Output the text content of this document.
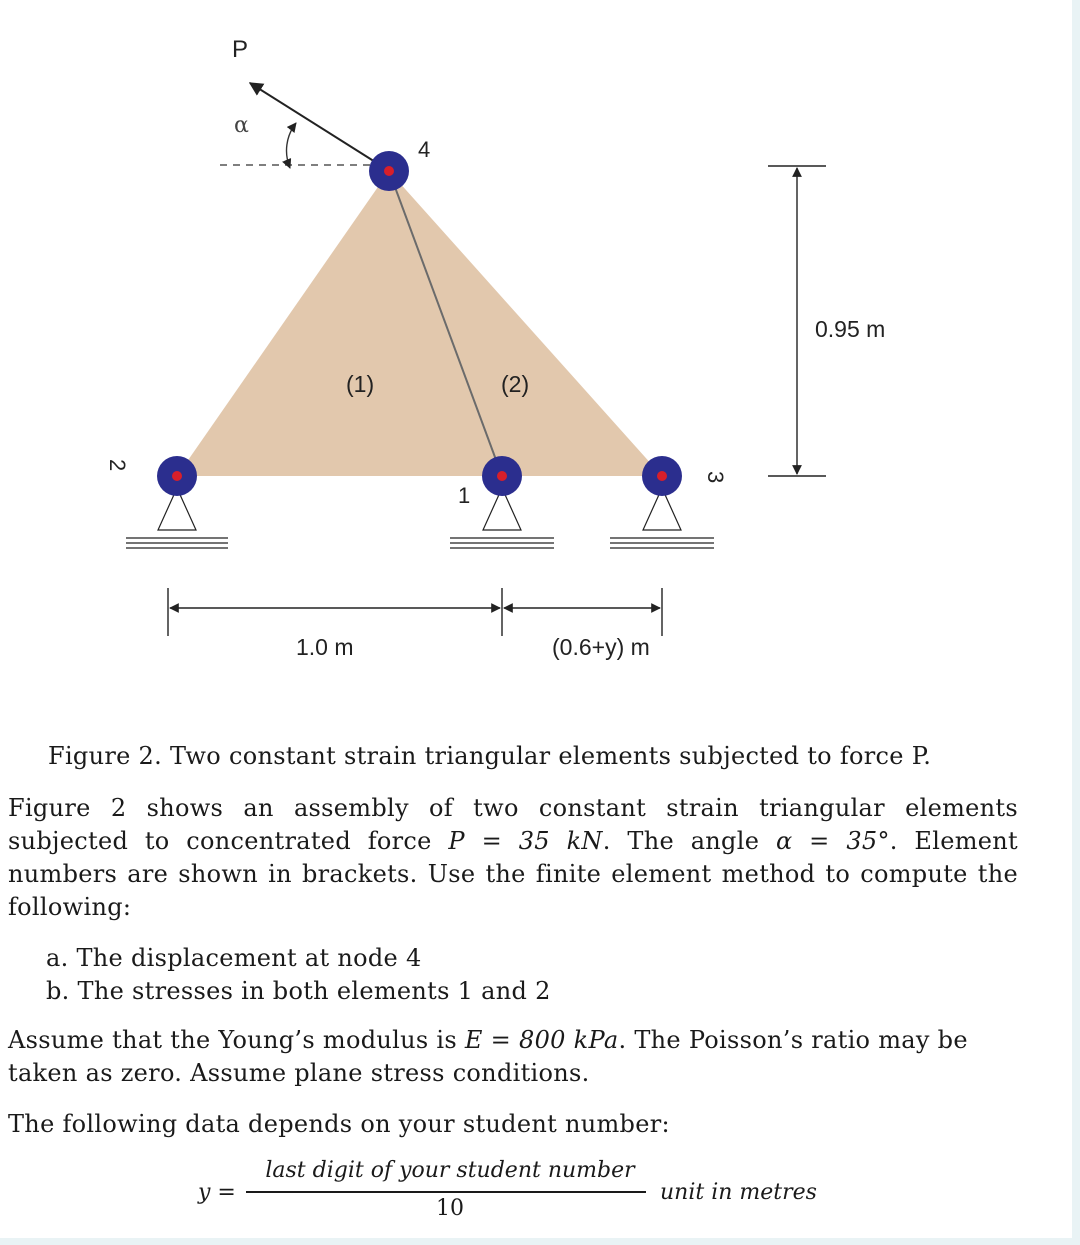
P
α
4
2
1
3
(1)	(2)
0.95 m
1.0 m	(0.6+y) m
Figure 2. Two constant strain triangular elements subjected to force P.
Figure 2 shows an assembly of two constant strain triangular elements subjected to concentrated force P = 35 kN. The angle α = 35°. Element numbers are shown in brackets. Use the finite element method to compute the following:
a. The displacement at node 4
b. The stresses in both elements 1 and 2
Assume that the Young’s modulus is E = 800 kPa. The Poisson’s ratio may be taken as zero. Assume plane stress conditions.
The following data depends on your student number:
y =
last digit of your student number
10
unit in metres
